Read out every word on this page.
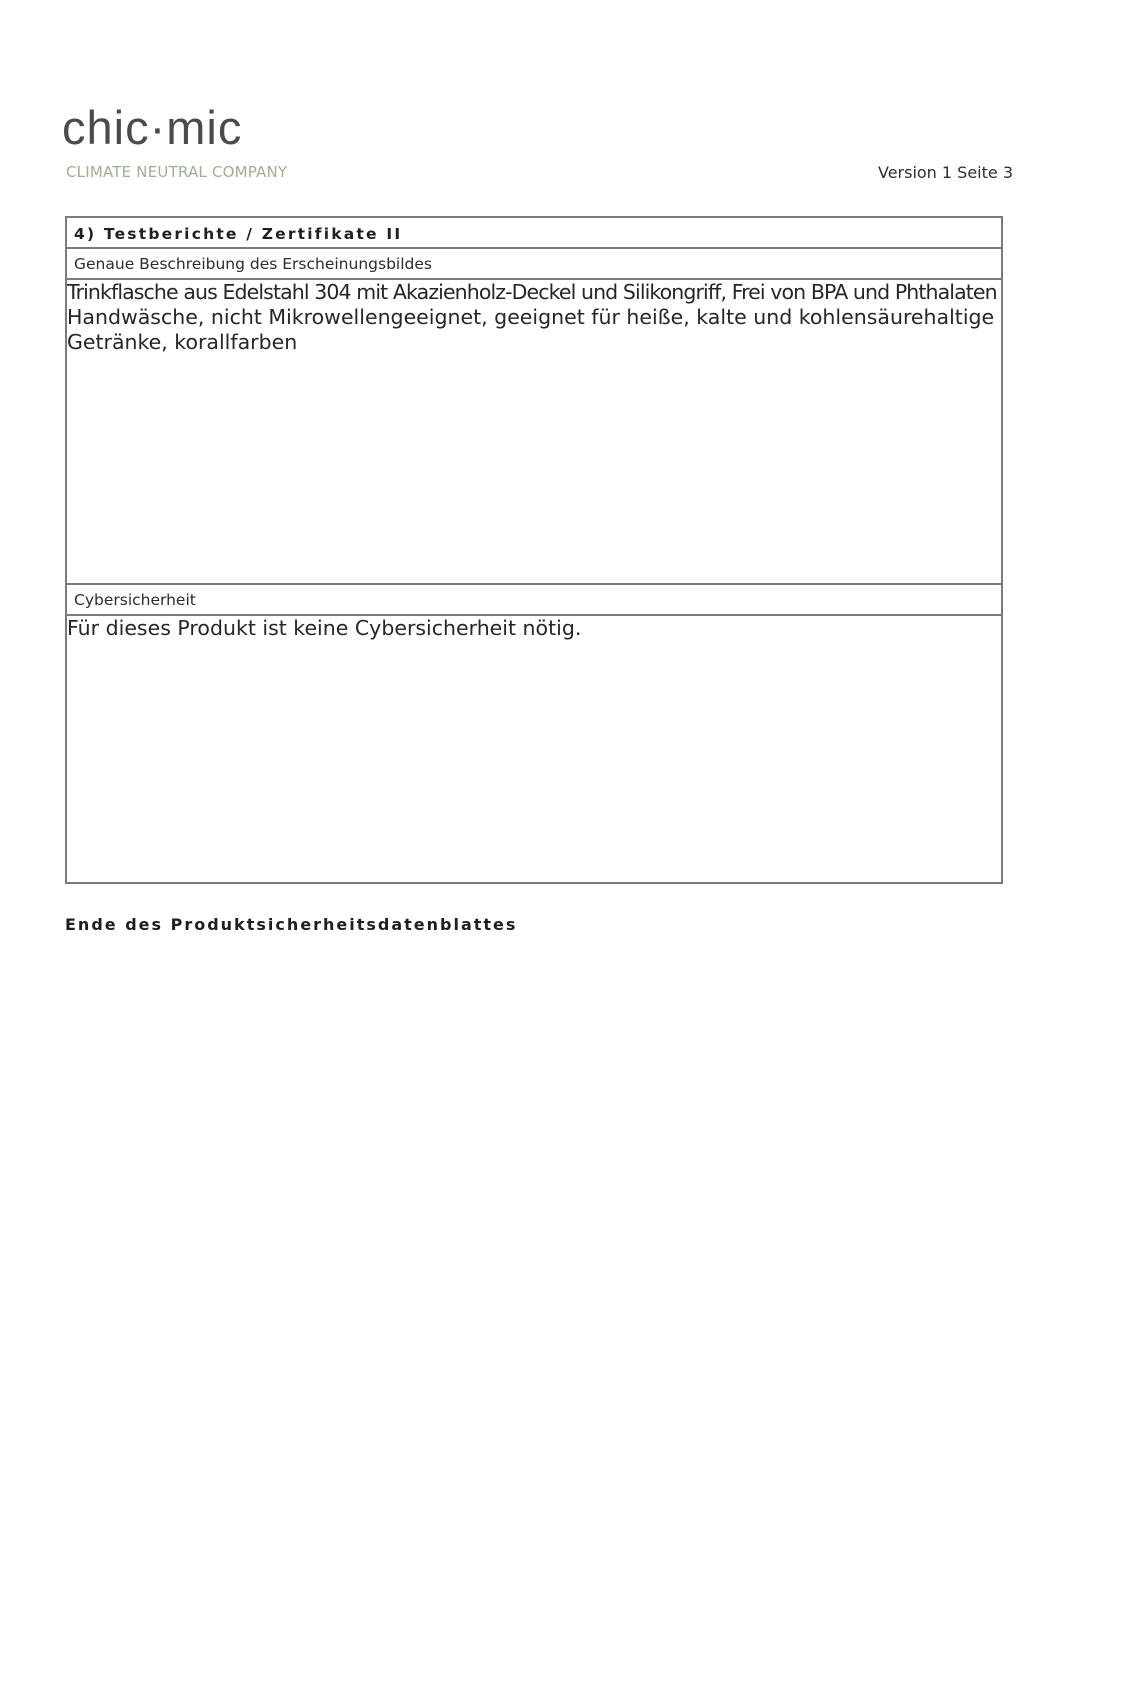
chic·mic
CLIMATE NEUTRAL COMPANY	Version 1 Seite 3
4) Testberichte / Zertifikate II
Genaue Beschreibung des Erscheinungsbildes

Trinkflasche aus Edelstahl 304 mit Akazienholz-Deckel und Silikongriff, Frei von BPA und Phthalaten
Handwäsche, nicht Mikrowellengeeignet, geeignet für heiße, kalte und kohlensäurehaltige
Getränke, korallfarben

Cybersicherheit

Für dieses Produkt ist keine Cybersicherheit nötig.

Ende des Produktsicherheitsdatenblattes
